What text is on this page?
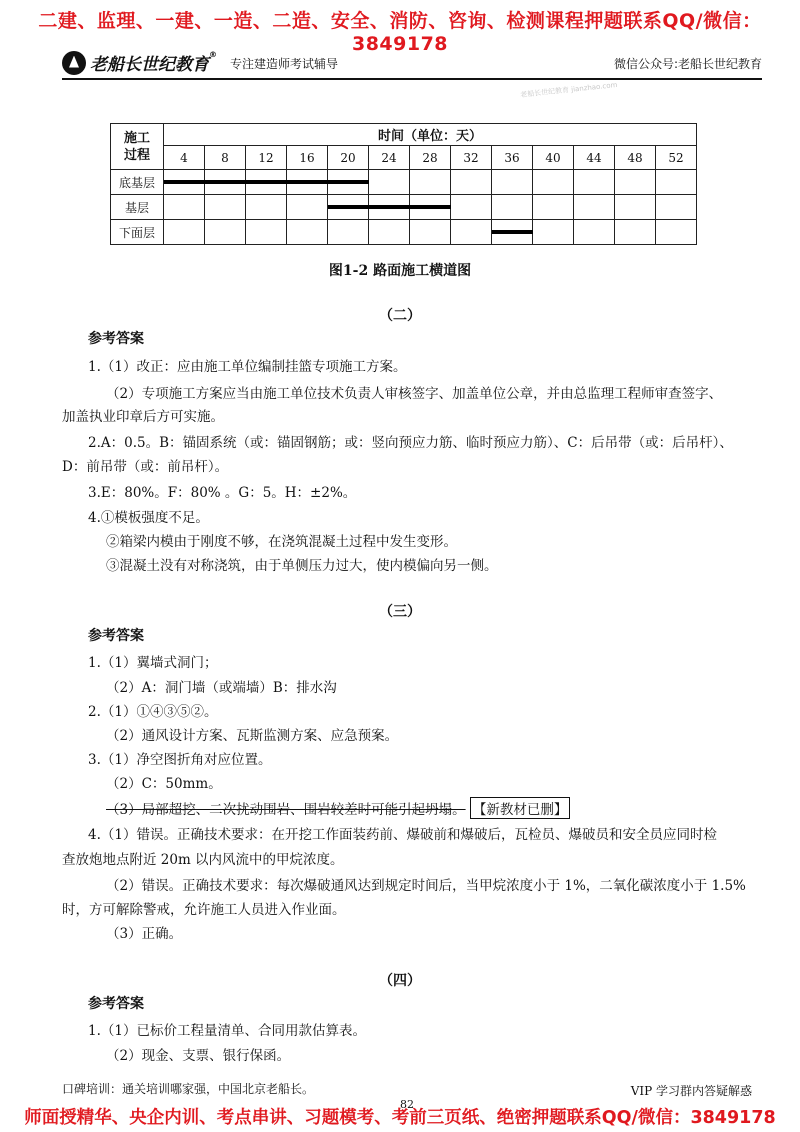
二建、监理、一建、一造、二造、安全、消防、咨询、检测课程押题联系QQ/微信：3849178
老船长世纪教育®
专注建造师考试辅导	微信公众号:老船长世纪教育
老船长世纪教育 jianzhao.com
施工
过程	时间（单位：天）												
	4	8	12	16	20	24	28	32	36	40	44	48	52
底基层	

基层	

下面层	

图1-2 路面施工横道图
（二）
参考答案
1.（1）改正：应由施工单位编制挂篮专项施工方案。
（2）专项施工方案应当由施工单位技术负责人审核签字、加盖单位公章，并由总监理工程师审查签字、
加盖执业印章后方可实施。
2.A：0.5。B：锚固系统（或：锚固钢筋；或：竖向预应力筋、临时预应力筋）、C：后吊带（或：后吊杆）、
D：前吊带（或：前吊杆）。
3.E：80%。F：80% 。G：5。H：±2%。
4.①模板强度不足。
②箱梁内模由于刚度不够，在浇筑混凝土过程中发生变形。
③混凝土没有对称浇筑，由于单侧压力过大，使内模偏向另一侧。
（三）
参考答案
1.（1）翼墙式洞门；
（2）A：洞门墙（或端墙）B：排水沟
2.（1）①④③⑤②。
（2）通风设计方案、瓦斯监测方案、应急预案。
3.（1）净空图折角对应位置。
（2）C：50mm。
（3）局部超挖、二次扰动围岩、围岩较差时可能引起坍塌。 【新教材已删】
4.（1）错误。正确技术要求：在开挖工作面装药前、爆破前和爆破后，瓦检员、爆破员和安全员应同时检
查放炮地点附近 20m 以内风流中的甲烷浓度。
（2）错误。正确技术要求：每次爆破通风达到规定时间后，当甲烷浓度小于 1%，二氧化碳浓度小于 1.5%
时，方可解除警戒，允许施工人员进入作业面。
（3）正确。
（四）
参考答案
1.（1）已标价工程量清单、合同用款估算表。
（2）现金、支票、银行保函。
口碑培训：通关培训哪家强，中国北京老船长。	VIP 学习群内答疑解惑
82
师面授精华、央企内训、考点串讲、习题模考、考前三页纸、绝密押题联系QQ/微信：3849178
